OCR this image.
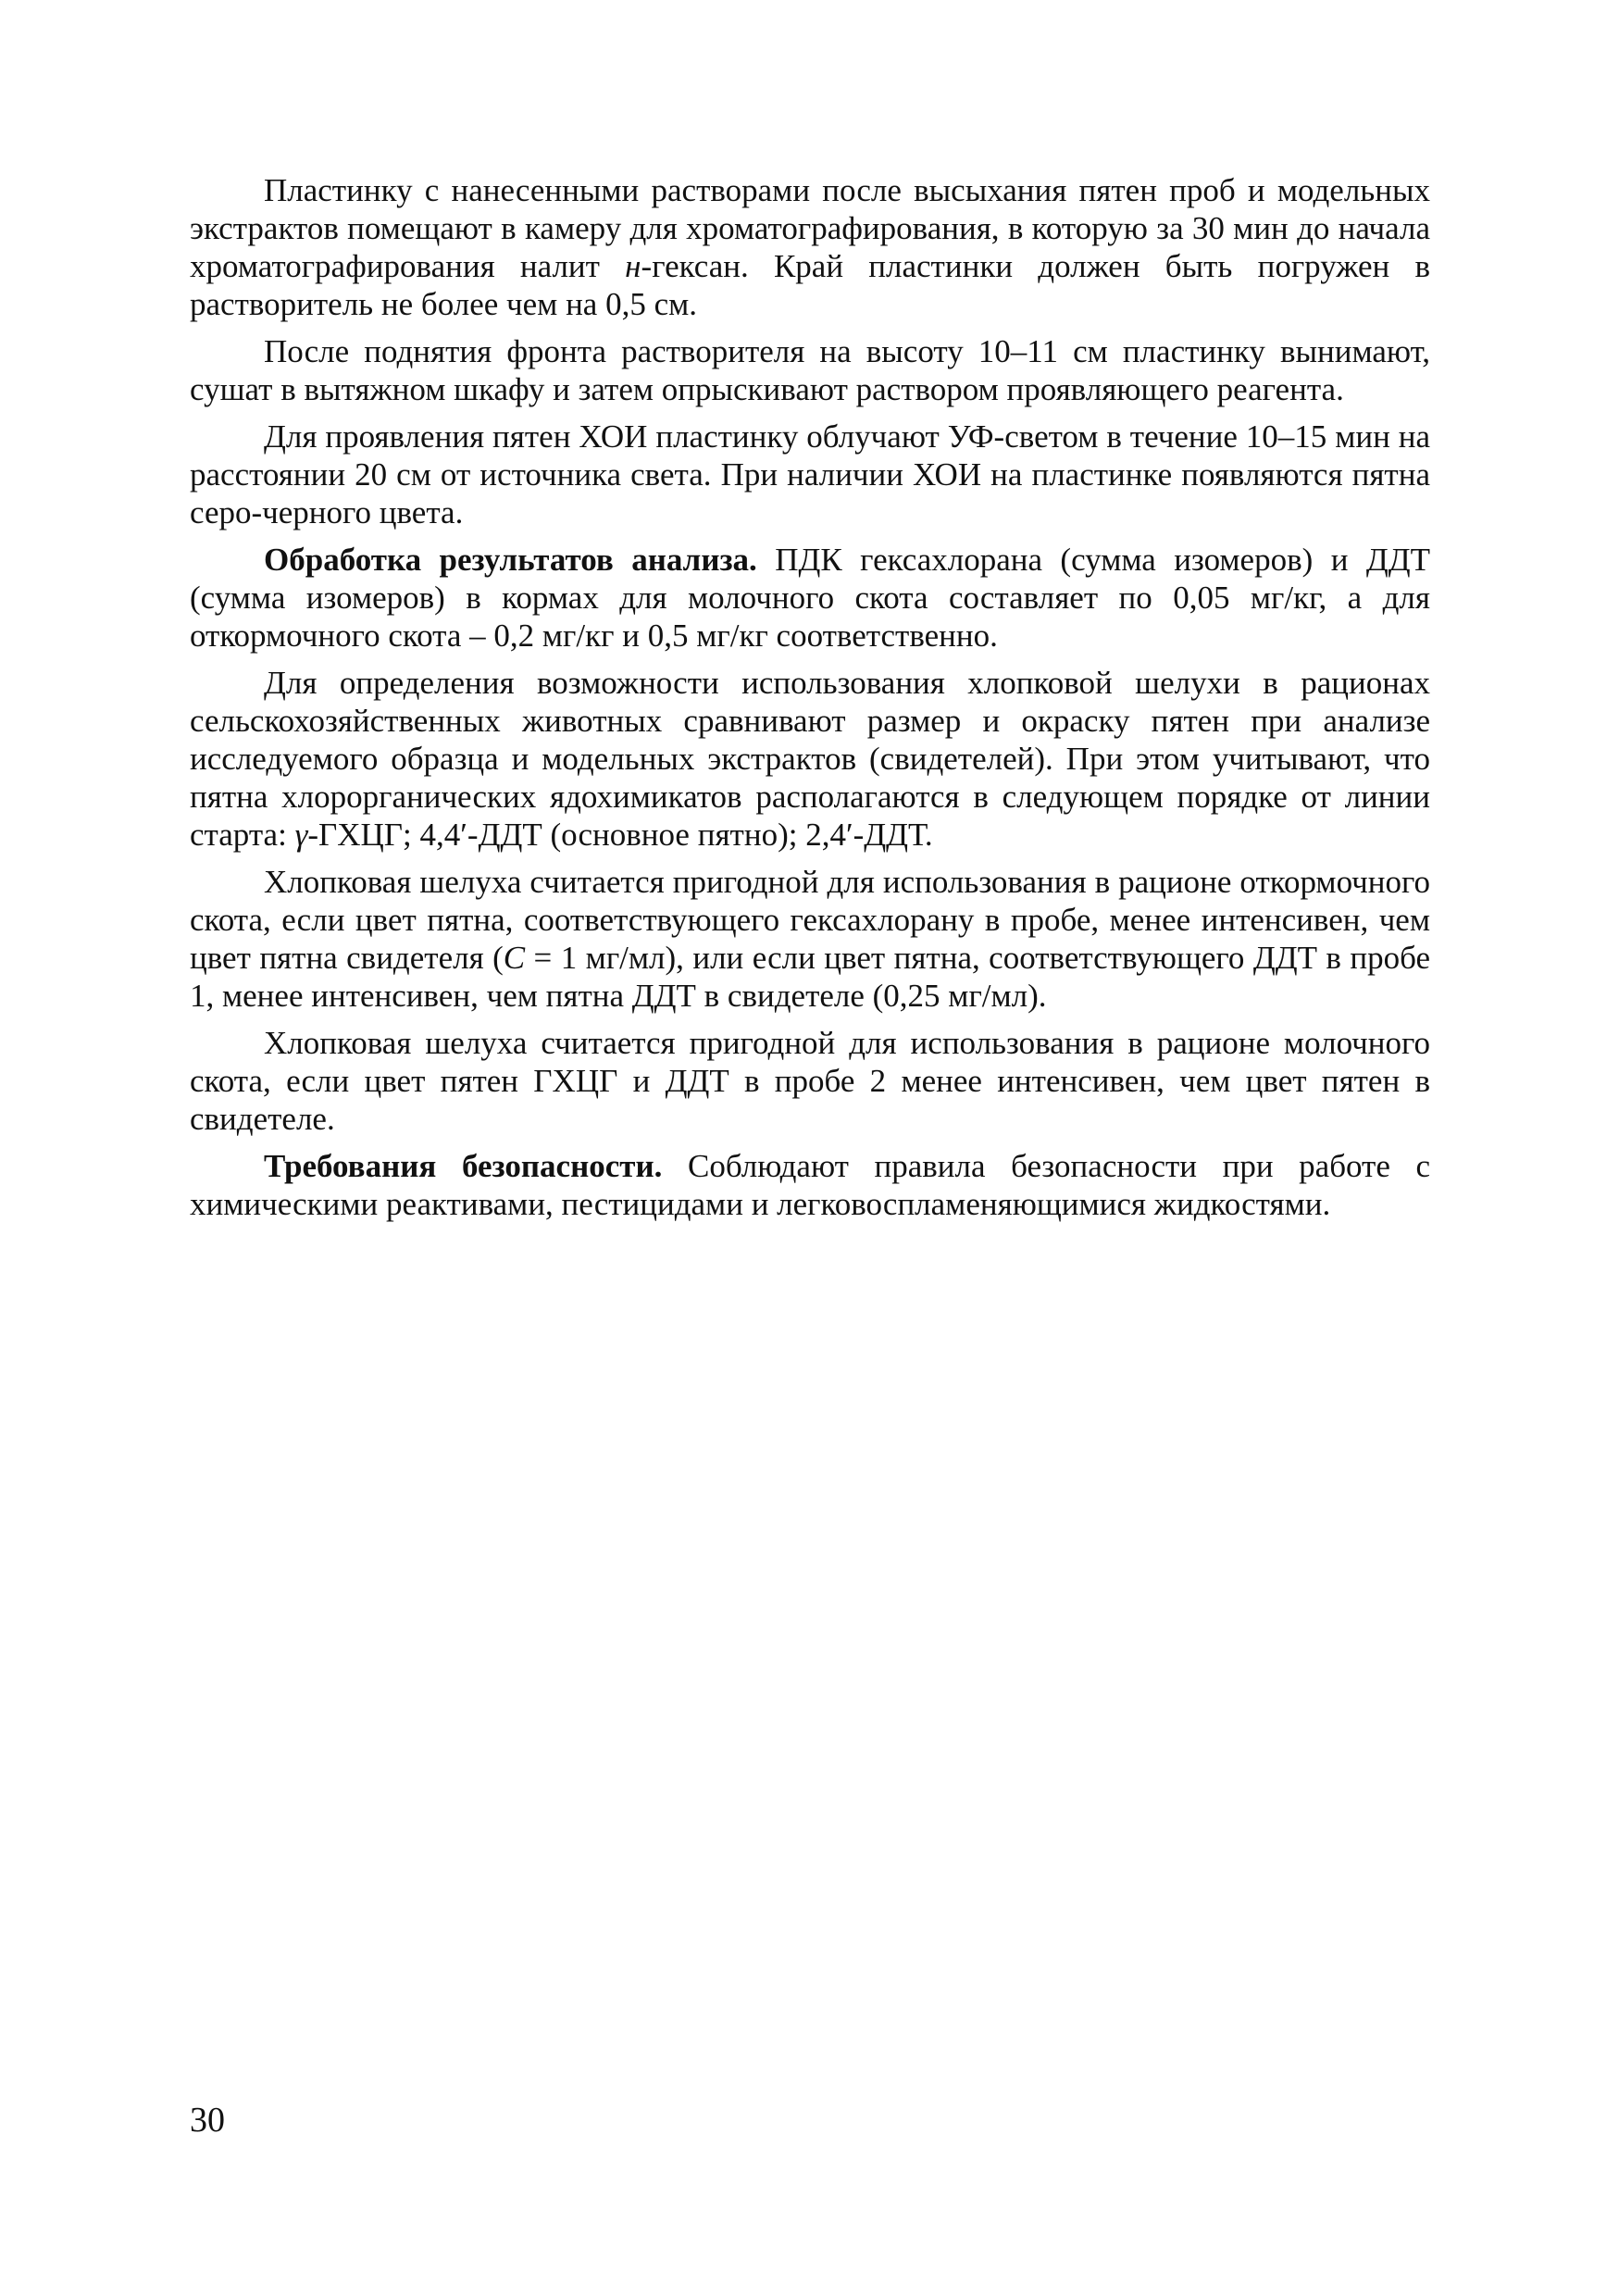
Пластинку с нанесенными растворами после высыхания пятен проб и модельных экстрактов помещают в камеру для хроматографирования, в которую за 30 мин до начала хроматографирования налит н-гексан. Край пластинки должен быть погружен в растворитель не более чем на 0,5 см.

После поднятия фронта растворителя на высоту 10–11 см пластинку вынимают, сушат в вытяжном шкафу и затем опрыскивают раствором проявляющего реагента.

Для проявления пятен ХОИ пластинку облучают УФ-светом в течение 10–15 мин на расстоянии 20 см от источника света. При наличии ХОИ на пластинке появляются пятна серо-черного цвета.

Обработка результатов анализа. ПДК гексахлорана (сумма изомеров) и ДДТ (сумма изомеров) в кормах для молочного скота составляет по 0,05 мг/кг, а для откормочного скота – 0,2 мг/кг и 0,5 мг/кг соответственно.

Для определения возможности использования хлопковой шелухи в рационах сельскохозяйственных животных сравнивают размер и окраску пятен при анализе исследуемого образца и модельных экстрактов (свидетелей). При этом учитывают, что пятна хлорорганических ядохимикатов располагаются в следующем порядке от линии старта: γ-ГХЦГ; 4,4′-ДДТ (основное пятно); 2,4′-ДДТ.

Хлопковая шелуха считается пригодной для использования в рационе откормочного скота, если цвет пятна, соответствующего гексахлорану в пробе, менее интенсивен, чем цвет пятна свидетеля (С = 1 мг/мл), или если цвет пятна, соответствующего ДДТ в пробе 1, менее интенсивен, чем пятна ДДТ в свидетеле (0,25 мг/мл).

Хлопковая шелуха считается пригодной для использования в рационе молочного скота, если цвет пятен ГХЦГ и ДДТ в пробе 2 менее интенсивен, чем цвет пятен в свидетеле.

Требования безопасности. Соблюдают правила безопасности при работе с химическими реактивами, пестицидами и легковоспламеняющимися жидкостями.

30
